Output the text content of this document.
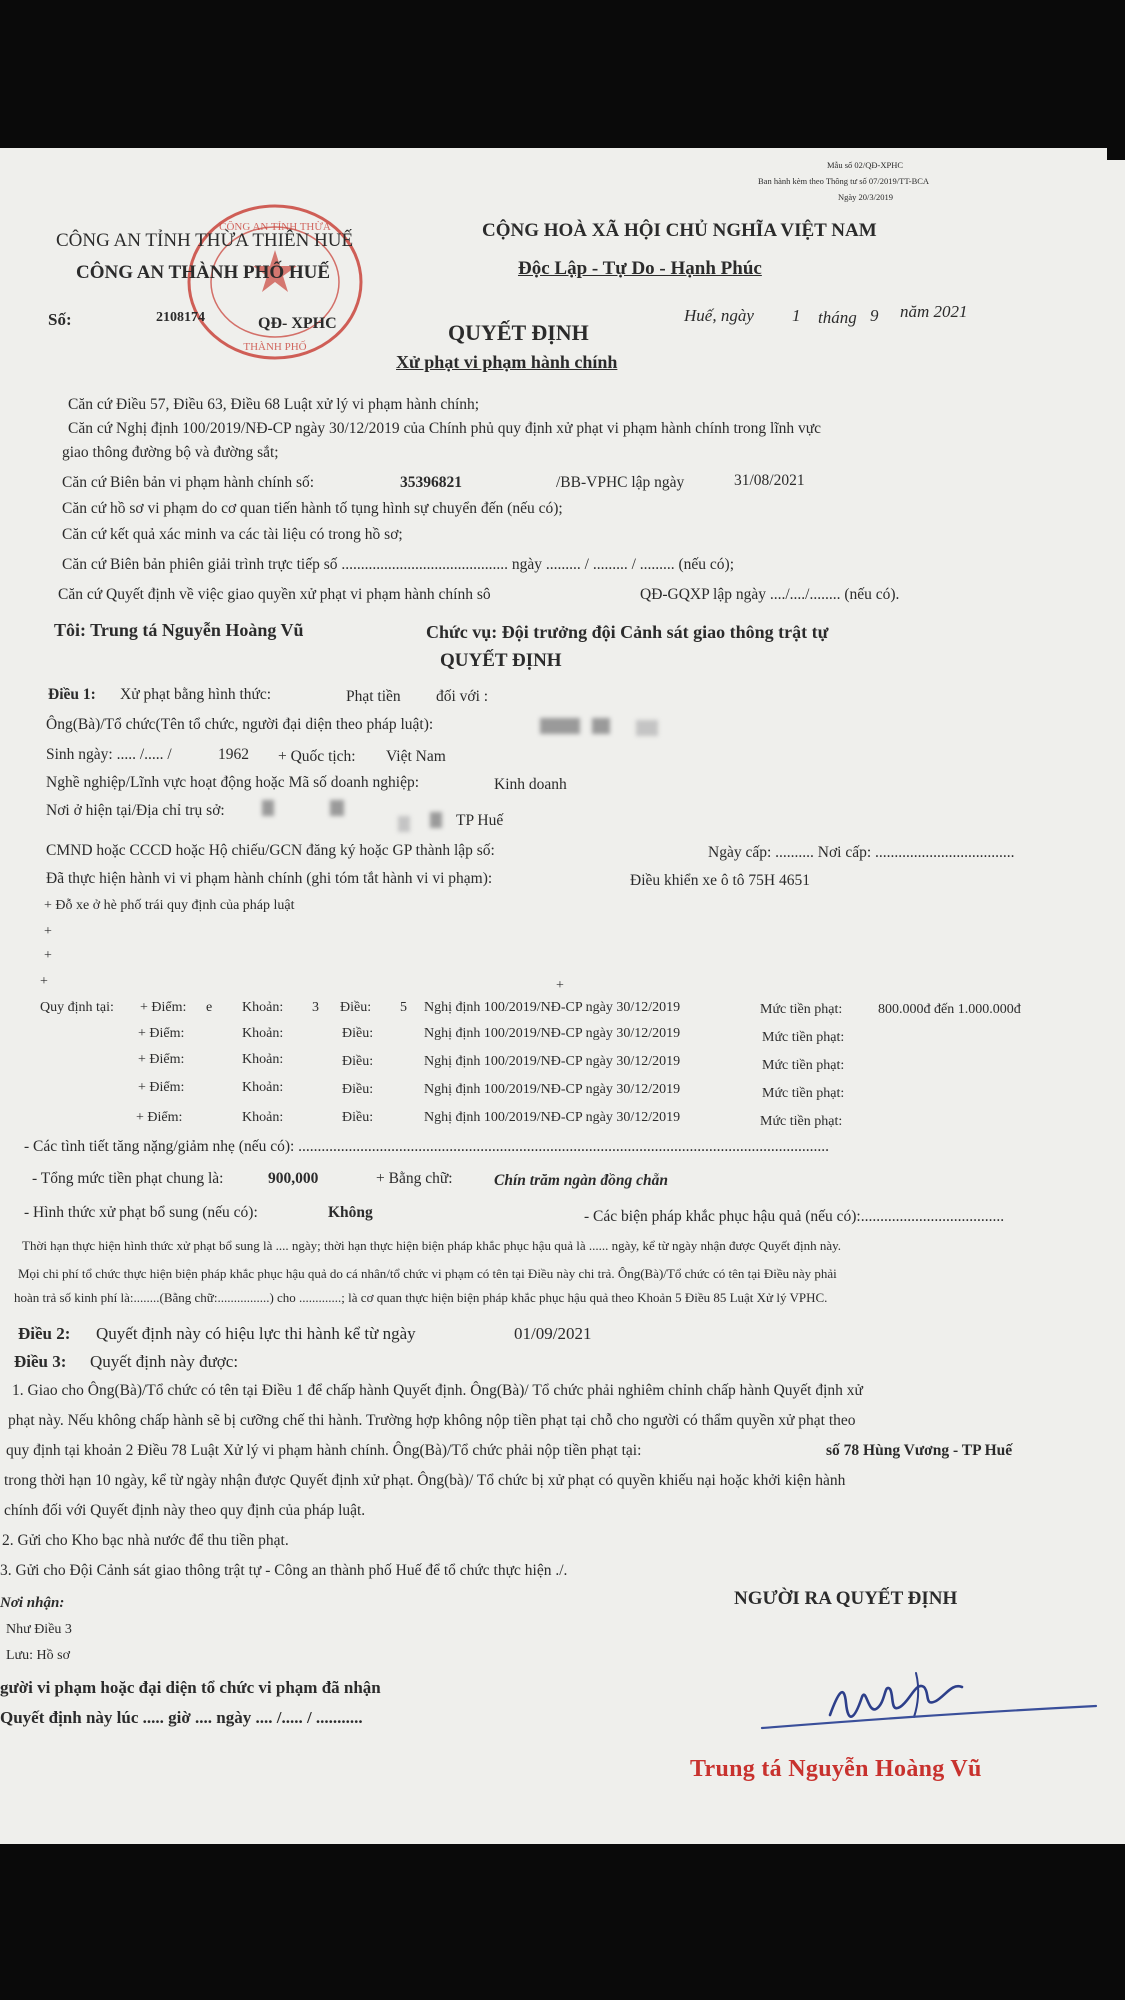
Mẫu số 02/QĐ-XPHC
Ban hành kèm theo Thông tư số 07/2019/TT-BCA
Ngày 20/3/2019
CÔNG AN TỈNH THỪA
THÀNH PHỐ
CÔNG AN TỈNH THỪA THIÊN HUẾ
CÔNG AN THÀNH PHỐ HUẾ
CỘNG HOÀ XÃ HỘI CHỦ NGHĨA VIỆT NAM
Độc Lập - Tự Do - Hạnh Phúc
Số:	2108174	QĐ- XPHC	Huế, ngày 1 tháng 9 năm 2021
QUYẾT ĐỊNH
Xử phạt vi phạm hành chính
Căn cứ Điều 57, Điều 63, Điều 68 Luật xử lý vi phạm hành chính;
Căn cứ Nghị định 100/2019/NĐ-CP ngày 30/12/2019 của Chính phủ quy định xử phạt vi phạm hành chính trong lĩnh vực
giao thông đường bộ và đường sắt;
Căn cứ Biên bản vi phạm hành chính số:	35396821	/BB-VPHC lập ngày	31/08/2021
Căn cứ hồ sơ vi phạm do cơ quan tiến hành tố tụng hình sự chuyển đến (nếu có);
Căn cứ kết quả xác minh va các tài liệu có trong hồ sơ;
Căn cứ Biên bản phiên giải trình trực tiếp số ........................................... ngày ......... / ......... / ......... (nếu có);
Căn cứ Quyết định về việc giao quyền xử phạt vi phạm hành chính sô	QĐ-GQXP lập ngày ..../..../........ (nếu có).
Tôi: Trung tá Nguyễn Hoàng Vũ	Chức vụ: Đội trưởng đội Cảnh sát giao thông trật tự
QUYẾT ĐỊNH
Điều 1: Xử phạt bằng hình thức:	Phạt tiền đối với :
Ông(Bà)/Tổ chức(Tên tổ chức, người đại diện theo pháp luật):
Sinh ngày: ..... /..... /	1962 + Quốc tịch: Việt Nam
Nghề nghiệp/Lĩnh vực hoạt động hoặc Mã số doanh nghiệp:	Kinh doanh
Nơi ở hiện tại/Địa chỉ trụ sở:
TP Huế
CMND hoặc CCCD hoặc Hộ chiếu/GCN đăng ký hoặc GP thành lập số:	Ngày cấp: .......... Nơi cấp: ....................................
Đã thực hiện hành vi vi phạm hành chính (ghi tóm tắt hành vi vi phạm):	Điều khiển xe ô tô 75H 4651
+ Đỗ xe ở hè phố trái quy định của pháp luật
+
+
+	+
Quy định tại: + Điểm: e Khoản: 3 Điều: 5 Nghị định 100/2019/NĐ-CP ngày 30/12/2019	Mức tiền phạt:	800.000đ đến 1.000.000đ
+ Điểm:	Khoản:	Điều:	Nghị định 100/2019/NĐ-CP ngày 30/12/2019	Mức tiền phạt:
+ Điểm:	Khoản:	Điều:	Nghị định 100/2019/NĐ-CP ngày 30/12/2019	Mức tiền phạt:
+ Điểm:	Khoản:	Điều:	Nghị định 100/2019/NĐ-CP ngày 30/12/2019	Mức tiền phạt:
+ Điểm:	Khoản:	Điều:	Nghị định 100/2019/NĐ-CP ngày 30/12/2019	Mức tiền phạt:
- Các tình tiết tăng nặng/giảm nhẹ (nếu có): .........................................................................................................................................
- Tổng mức tiền phạt chung là:	900,000	+ Bằng chữ:	Chín trăm ngàn đồng chẵn
- Hình thức xử phạt bổ sung (nếu có):	Không	- Các biện pháp khắc phục hậu quả (nếu có):.....................................
Thời hạn thực hiện hình thức xử phạt bổ sung là .... ngày; thời hạn thực hiện biện pháp khắc phục hậu quả là ...... ngày, kể từ ngày nhận được Quyết định này.
Mọi chi phí tổ chức thực hiện biện pháp khắc phục hậu quả do cá nhân/tổ chức vi phạm có tên tại Điều này chi trả. Ông(Bà)/Tổ chức có tên tại Điều này phải
hoàn trả số kinh phí là:........(Bằng chữ:................) cho .............; là cơ quan thực hiện biện pháp khắc phục hậu quả theo Khoản 5 Điều 85 Luật Xử lý VPHC.
Điều 2: Quyết định này có hiệu lực thi hành kể từ ngày	01/09/2021
Điều 3: Quyết định này được:
1. Giao cho Ông(Bà)/Tổ chức có tên tại Điều 1 để chấp hành Quyết định. Ông(Bà)/ Tổ chức phải nghiêm chỉnh chấp hành Quyết định xử
phạt này. Nếu không chấp hành sẽ bị cưỡng chế thi hành. Trường hợp không nộp tiền phạt tại chỗ cho người có thẩm quyền xử phạt theo
quy định tại khoản 2 Điều 78 Luật Xử lý vi phạm hành chính. Ông(Bà)/Tổ chức phải nộp tiền phạt tại:	số 78 Hùng Vương - TP Huế
trong thời hạn 10 ngày, kể từ ngày nhận được Quyết định xử phạt. Ông(bà)/ Tổ chức bị xử phạt có quyền khiếu nại hoặc khởi kiện hành
chính đối với Quyết định này theo quy định của pháp luật.
2. Gửi cho Kho bạc nhà nước để thu tiền phạt.
3. Gửi cho Đội Cảnh sát giao thông trật tự - Công an thành phố Huế để tổ chức thực hiện ./.
Nơi nhận:
Như Điều 3
Lưu: Hồ sơ
gười vi phạm hoặc đại diện tổ chức vi phạm đã nhận
Quyết định này lúc ..... giờ .... ngày .... /..... / ...........
NGƯỜI RA QUYẾT ĐỊNH
Trung tá Nguyễn Hoàng Vũ
